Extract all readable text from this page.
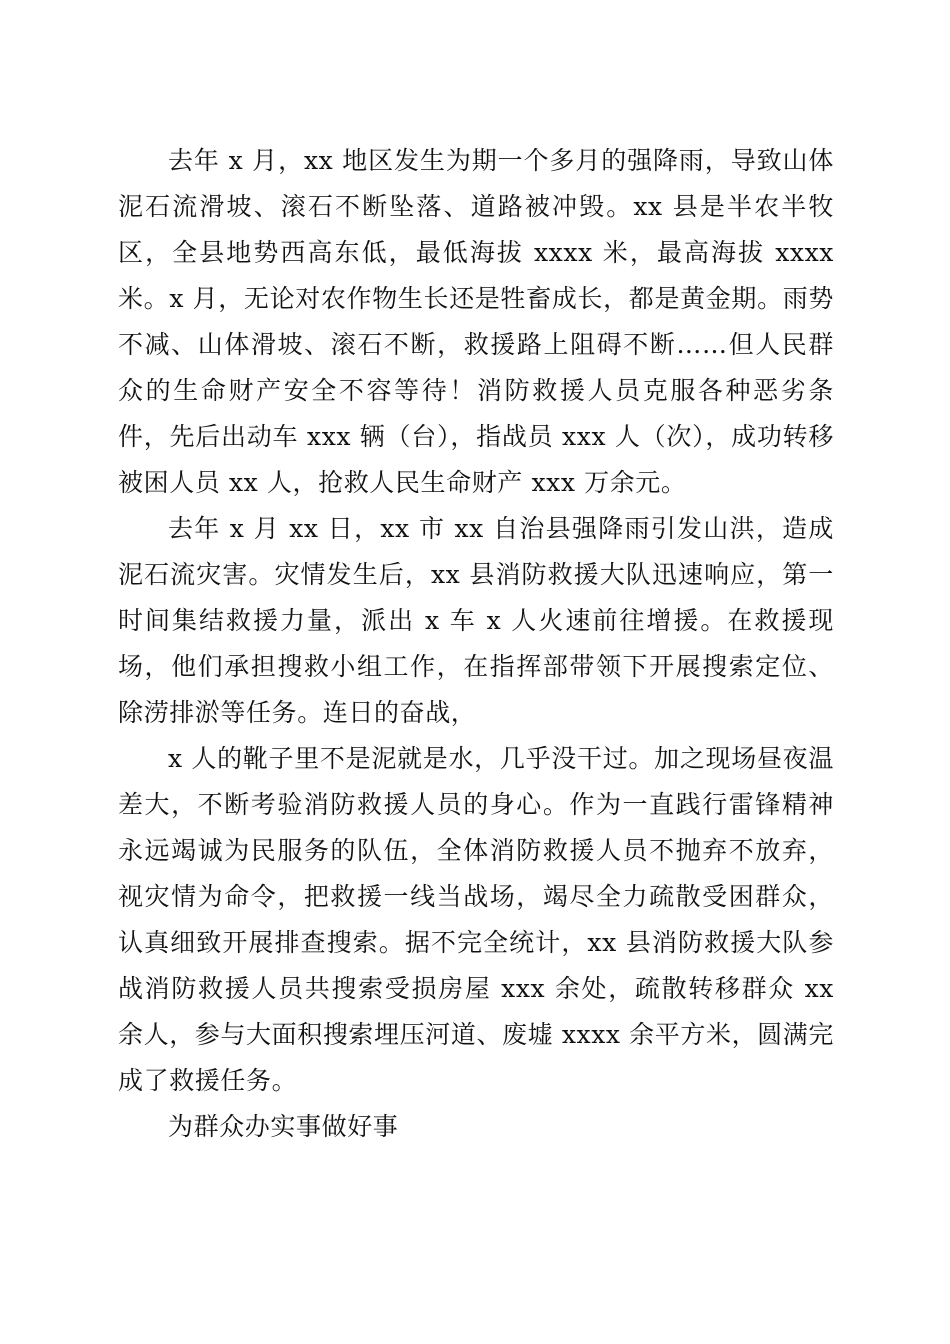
去年 x 月，xx 地区发生为期一个多月的强降雨，导致山体泥石流滑坡、滚石不断坠落、道路被冲毁。xx 县是半农半牧区，全县地势西高东低，最低海拔 xxxx 米，最高海拔 xxxx 米。x 月，无论对农作物生长还是牲畜成长，都是黄金期。雨势不减、山体滑坡、滚石不断，救援路上阻碍不断……但人民群众的生命财产安全不容等待！消防救援人员克服各种恶劣条件，先后出动车 xxx 辆（台），指战员 xxx 人（次），成功转移被困人员 xx 人，抢救人民生命财产 xxx 万余元。

去年 x 月 xx 日，xx 市 xx 自治县强降雨引发山洪，造成泥石流灾害。灾情发生后，xx 县消防救援大队迅速响应，第一时间集结救援力量，派出 x 车 x 人火速前往增援。在救援现场，他们承担搜救小组工作，在指挥部带领下开展搜索定位、除涝排淤等任务。连日的奋战，

x 人的靴子里不是泥就是水，几乎没干过。加之现场昼夜温差大，不断考验消防救援人员的身心。作为一直践行雷锋精神永远竭诚为民服务的队伍，全体消防救援人员不抛弃不放弃，视灾情为命令，把救援一线当战场，竭尽全力疏散受困群众，认真细致开展排查搜索。据不完全统计，xx 县消防救援大队参战消防救援人员共搜索受损房屋 xxx 余处，疏散转移群众 xx 余人，参与大面积搜索埋压河道、废墟 xxxx 余平方米，圆满完成了救援任务。

为群众办实事做好事
